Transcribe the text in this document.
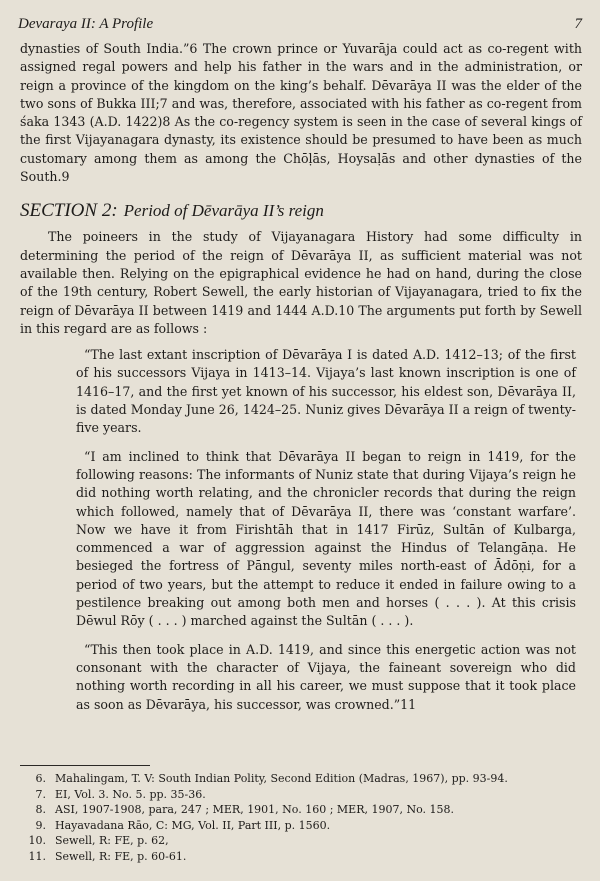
Devaraya II: A Profile	7

dynasties of South India.”6 The crown prince or Yuvarāja could act as co-regent with assigned regal powers and help his father in the wars and in the administration, or reign a province of the kingdom on the king’s behalf. Dēvarāya II was the elder of the two sons of Bukka III;7 and was, therefore, associated with his father as co-regent from śaka 1343 (A.D. 1422)8 As the co-regency system is seen in the case of several kings of the first Vijayanagara dynasty, its existence should be presumed to have been as much customary among them as among the Chōḷās, Hoysaḷās and other dynasties of the South.9

SECTION 2: Period of Dēvarāya II’s reign

The poineers in the study of Vijayanagara History had some difficulty in determining the period of the reign of Dēvarāya II, as sufficient material was not available then. Relying on the epigraphical evidence he had on hand, during the close of the 19th century, Robert Sewell, the early historian of Vijayanagara, tried to fix the reign of Dēvarāya II between 1419 and 1444 A.D.10 The arguments put forth by Sewell in this regard are as follows :

“The last extant inscription of Dēvarāya I is dated A.D. 1412–13; of the first of his successors Vijaya in 1413–14. Vijaya’s last known inscription is one of 1416–17, and the first yet known of his successor, his eldest son, Dēvarāya II, is dated Monday June 26, 1424–25. Nuniz gives Dēvarāya II a reign of twenty-five years.

“I am inclined to think that Dēvarāya II began to reign in 1419, for the following reasons: The informants of Nuniz state that during Vijaya’s reign he did nothing worth relating, and the chronicler records that during the reign which followed, namely that of Dēvarāya II, there was ‘constant warfare’. Now we have it from Firishtāh that in 1417 Firūz, Sultān of Kulbarga, commenced a war of aggression against the Hindus of Telangāṇa. He besieged the fortress of Pāngul, seventy miles north-east of Ādōṇi, for a period of two years, but the attempt to reduce it ended in failure owing to a pestilence breaking out among both men and horses ( . . . ). At this crisis Dēwul Rōy ( . . . ) marched against the Sultān ( . . . ).

“This then took place in A.D. 1419, and since this energetic action was not consonant with the character of Vijaya, the faineant sovereign who did nothing worth recording in all his career, we must suppose that it took place as soon as Dēvarāya, his successor, was crowned.”11

6. Mahalingam, T. V: South Indian Polity, Second Edition (Madras, 1967), pp. 93-94.
7. EI, Vol. 3. No. 5. pp. 35-36.
8. ASI, 1907-1908, para, 247 ; MER, 1901, No. 160 ; MER, 1907, No. 158.
9. Hayavadana Rāo, C: MG, Vol. II, Part III, p. 1560.
10. Sewell, R: FE, p. 62,
11. Sewell, R: FE, p. 60-61.
